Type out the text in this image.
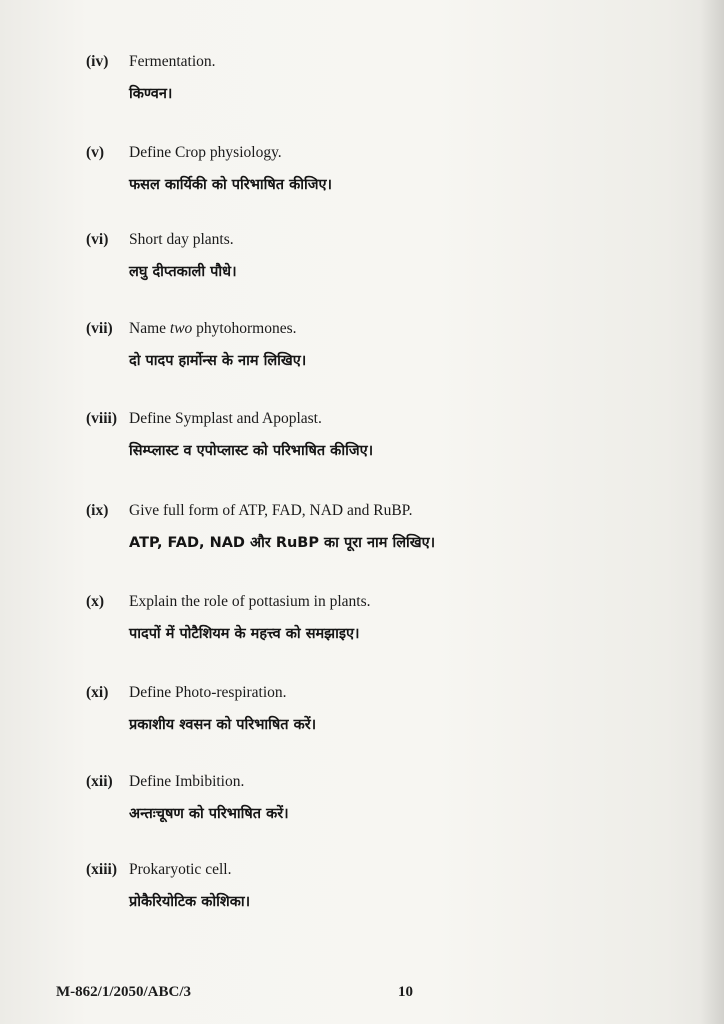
(iv)	Fermentation.
किण्वन।
(v)	Define Crop physiology.
फसल कार्यिकी को परिभाषित कीजिए।
(vi)	Short day plants.
लघु दीप्तकाली पौधे।
(vii)	Name two phytohormones.
दो पादप हार्मोन्स के नाम लिखिए।
(viii) Define Symplast and Apoplast.
सिम्प्लास्ट व एपोप्लास्ट को परिभाषित कीजिए।
(ix)	Give full form of ATP, FAD, NAD and RuBP.
ATP, FAD, NAD और RuBP का पूरा नाम लिखिए।
(x)	Explain the role of pottasium in plants.
पादपों में पोटैशियम के महत्त्व को समझाइए।
(xi)	Define Photo-respiration.
प्रकाशीय श्वसन को परिभाषित करें।
(xii)	Define Imbibition.
अन्तःचूषण को परिभाषित करें।
(xiii) Prokaryotic cell.
प्रोकैरियोटिक कोशिका।
M-862/1/2050/ABC/3	10
